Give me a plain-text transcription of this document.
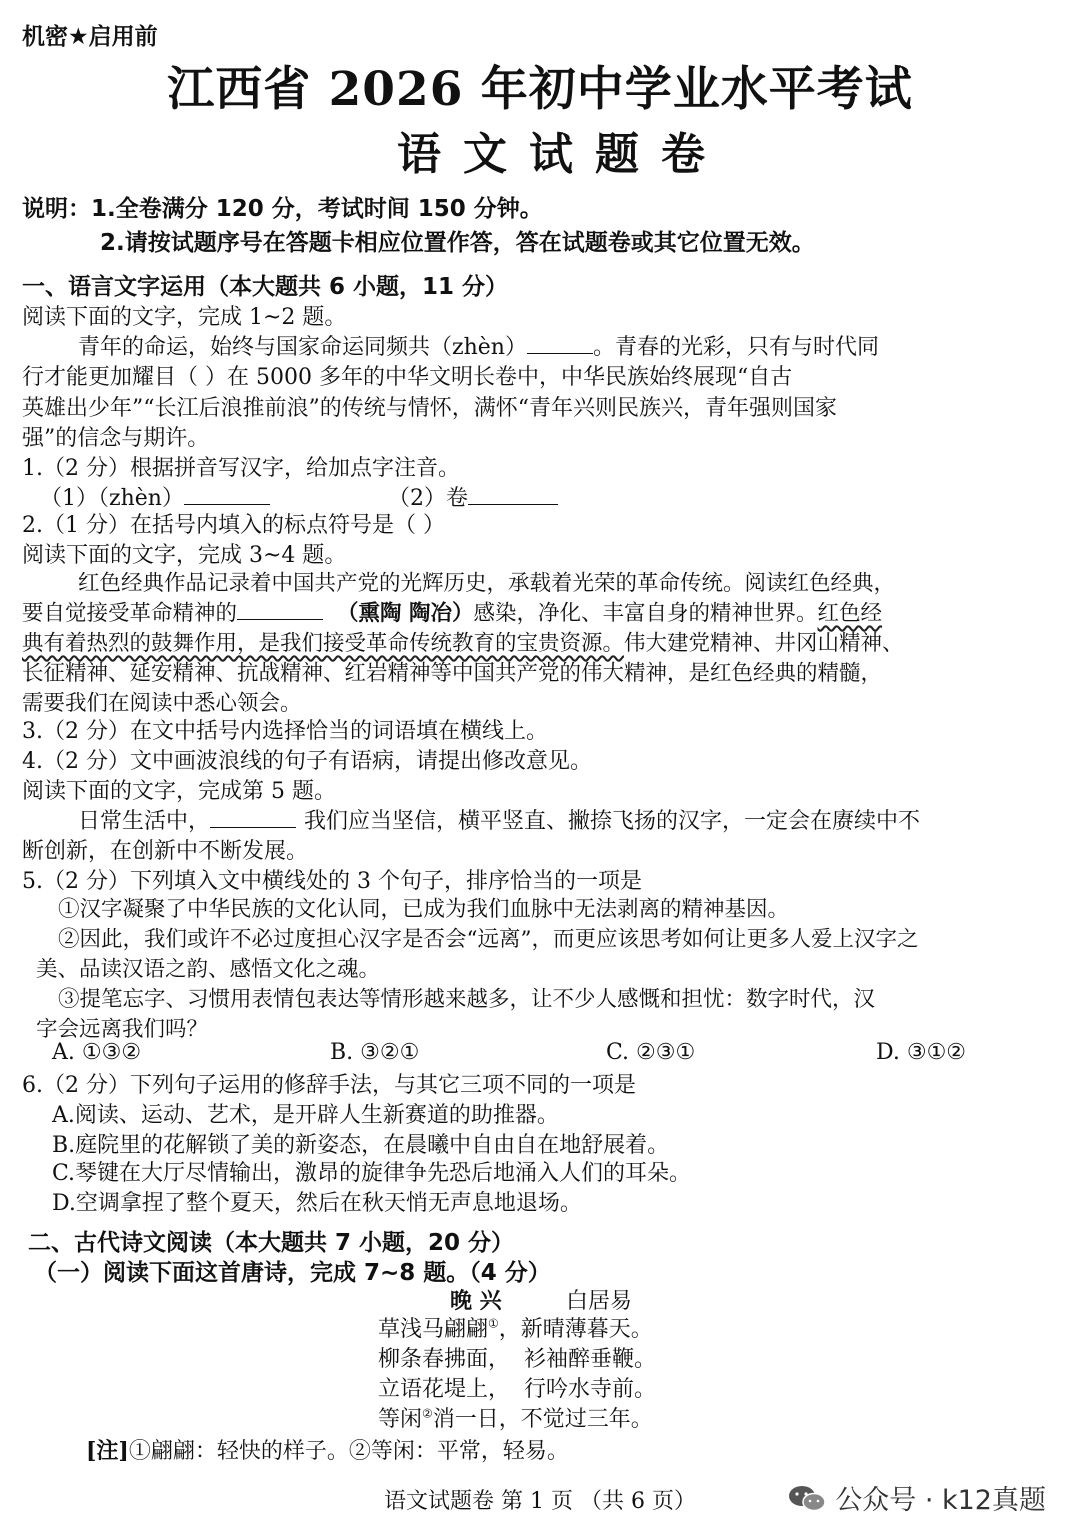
机密★启用前
江西省 2026 年初中学业水平考试
语文试题卷
说明：1.全卷满分 120 分，考试时间 150 分钟。
2.请按试题序号在答题卡相应位置作答，答在试题卷或其它位置无效。
一、语言文字运用（本大题共 6 小题，11 分）
阅读下面的文字，完成 1~2 题。
青年的命运，始终与国家命运同频共（zhèn）	。青春的光彩，只有与时代同
行才能更加耀目（ ）在 5000 多年的中华文明长卷中，中华民族始终展现“自古
英雄出少年”“长江后浪推前浪”的传统与情怀，满怀“青年兴则民族兴，青年强则国家
强”的信念与期许。
1.（2 分）根据拼音写汉字，给加点字注音。
（1）（zhèn）	（2）卷
2.（1 分）在括号内填入的标点符号是（ ）
阅读下面的文字，完成 3~4 题。
红色经典作品记录着中国共产党的光辉历史，承载着光荣的革命传统。阅读红色经典，
要自觉接受革命精神的	（熏陶 陶冶）感染，净化、丰富自身的精神世界。红色经
典有着热烈的鼓舞作用，是我们接受革命传统教育的宝贵资源。伟大建党精神、井冈山精神、
长征精神、延安精神、抗战精神、红岩精神等中国共产党的伟大精神，是红色经典的精髓，
需要我们在阅读中悉心领会。
3.（2 分）在文中括号内选择恰当的词语填在横线上。
4.（2 分）文中画波浪线的句子有语病，请提出修改意见。
阅读下面的文字，完成第 5 题。
日常生活中，	我们应当坚信，横平竖直、撇捺飞扬的汉字，一定会在赓续中不
断创新，在创新中不断发展。
5.（2 分）下列填入文中横线处的 3 个句子，排序恰当的一项是
①汉字凝聚了中华民族的文化认同，已成为我们血脉中无法剥离的精神基因。
②因此，我们或许不必过度担心汉字是否会“远离”，而更应该思考如何让更多人爱上汉字之
美、品读汉语之韵、感悟文化之魂。
③提笔忘字、习惯用表情包表达等情形越来越多，让不少人感慨和担忧：数字时代，汉
字会远离我们吗？
A. ①③②	B. ③②①	C. ②③①	D. ③①②
6.（2 分）下列句子运用的修辞手法，与其它三项不同的一项是
A.阅读、运动、艺术，是开辟人生新赛道的助推器。
B.庭院里的花解锁了美的新姿态，在晨曦中自由自在地舒展着。
C.琴键在大厅尽情输出，激昂的旋律争先恐后地涌入人们的耳朵。
D.空调拿捏了整个夏天，然后在秋天悄无声息地退场。
二、古代诗文阅读（本大题共 7 小题，20 分）
（一）阅读下面这首唐诗，完成 7~8 题。（4 分）
晚 兴	白居易
草浅马翩翩①，新晴薄暮天。
柳条春拂面，  衫袖醉垂鞭。
立语花堤上，  行吟水寺前。
等闲②消一日，不觉过三年。
[注]①翩翩：轻快的样子。②等闲：平常，轻易。
语文试题卷 第 1 页 （共 6 页）	公众号 · k12真题
